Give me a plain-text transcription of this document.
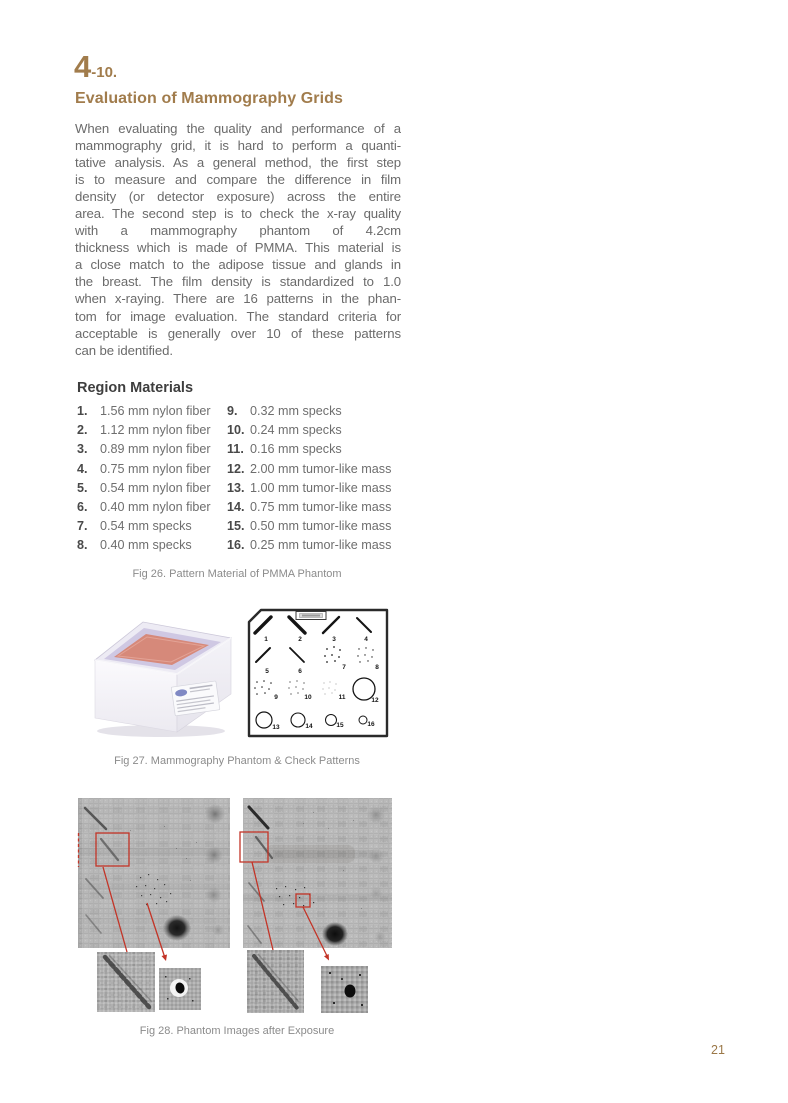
4-10.
Evaluation of Mammography Grids
When evaluating the quality and performance of a
mammography grid, it is hard to perform a quanti-
tative analysis. As a general method, the first step
is to measure and compare the difference in film
density (or detector exposure) across the entire
area. The second step is to check the x-ray quality
with a mammography phantom of 4.2cm
thickness which is made of PMMA. This material is
a close match to the adipose tissue and glands in
the breast. The film density is standardized to 1.0
when x-raying. There are 16 patterns in the phan-
tom for image evaluation. The standard criteria for
acceptable is generally over 10 of these patterns
can be identified.
Region Materials
1. 1.56 mm nylon fiber
2. 1.12 mm nylon fiber
3. 0.89 mm nylon fiber
4. 0.75 mm nylon fiber
5. 0.54 mm nylon fiber
6. 0.40 mm nylon fiber
7. 0.54 mm specks
8. 0.40 mm specks
9. 0.32 mm specks
10. 0.24 mm specks
11. 0.16 mm specks
12. 2.00 mm tumor-like mass
13. 1.00 mm tumor-like mass
14. 0.75 mm tumor-like mass
15. 0.50 mm tumor-like mass
16. 0.25 mm tumor-like mass
Fig 26. Pattern Material of PMMA Phantom
1	2	3	4
5	6
7	8
9	10	11	12
13	14	15	16
Fig 27. Mammography Phantom & Check Patterns
Fig 28. Phantom Images after Exposure
21
